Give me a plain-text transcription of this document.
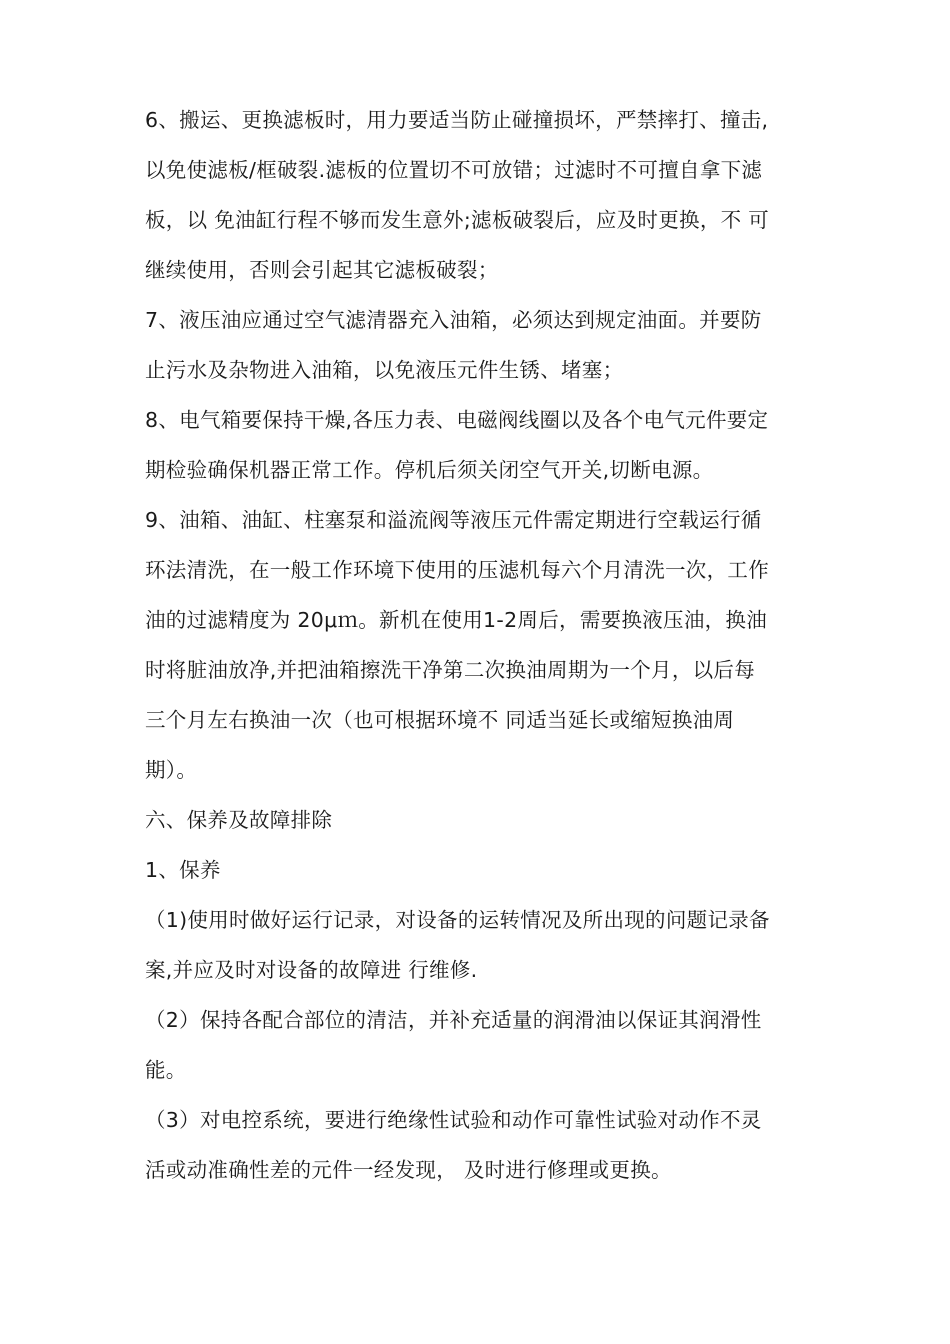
6、搬运、更换滤板时，用力要适当防止碰撞损坏，严禁摔打、撞击,
以免使滤板/框破裂.滤板的位置切不可放错；过滤时不可擅自拿下滤
板，以 免油缸行程不够而发生意外;滤板破裂后，应及时更换，不 可
继续使用，否则会引起其它滤板破裂；
7、液压油应通过空气滤清器充入油箱，必须达到规定油面。并要防
止污水及杂物进入油箱，以免液压元件生锈、堵塞；
8、电气箱要保持干燥,各压力表、电磁阀线圈以及各个电气元件要定
期检验确保机器正常工作。停机后须关闭空气开关,切断电源。
9、油箱、油缸、柱塞泵和溢流阀等液压元件需定期进行空载运行循
环法清洗，在一般工作环境下使用的压滤机每六个月清洗一次，工作
油的过滤精度为 20μｍ。新机在使用1-2周后，需要换液压油，换油
时将脏油放净,并把油箱擦洗干净第二次换油周期为一个月，以后每
三个月左右换油一次（也可根据环境不 同适当延长或缩短换油周
期）。
六、保养及故障排除
1、保养
（1)使用时做好运行记录，对设备的运转情况及所出现的问题记录备
案,并应及时对设备的故障进 行维修.
（2）保持各配合部位的清洁，并补充适量的润滑油以保证其润滑性
能。
（3）对电控系统，要进行绝缘性试验和动作可靠性试验对动作不灵
活或动准确性差的元件一经发现， 及时进行修理或更换。
